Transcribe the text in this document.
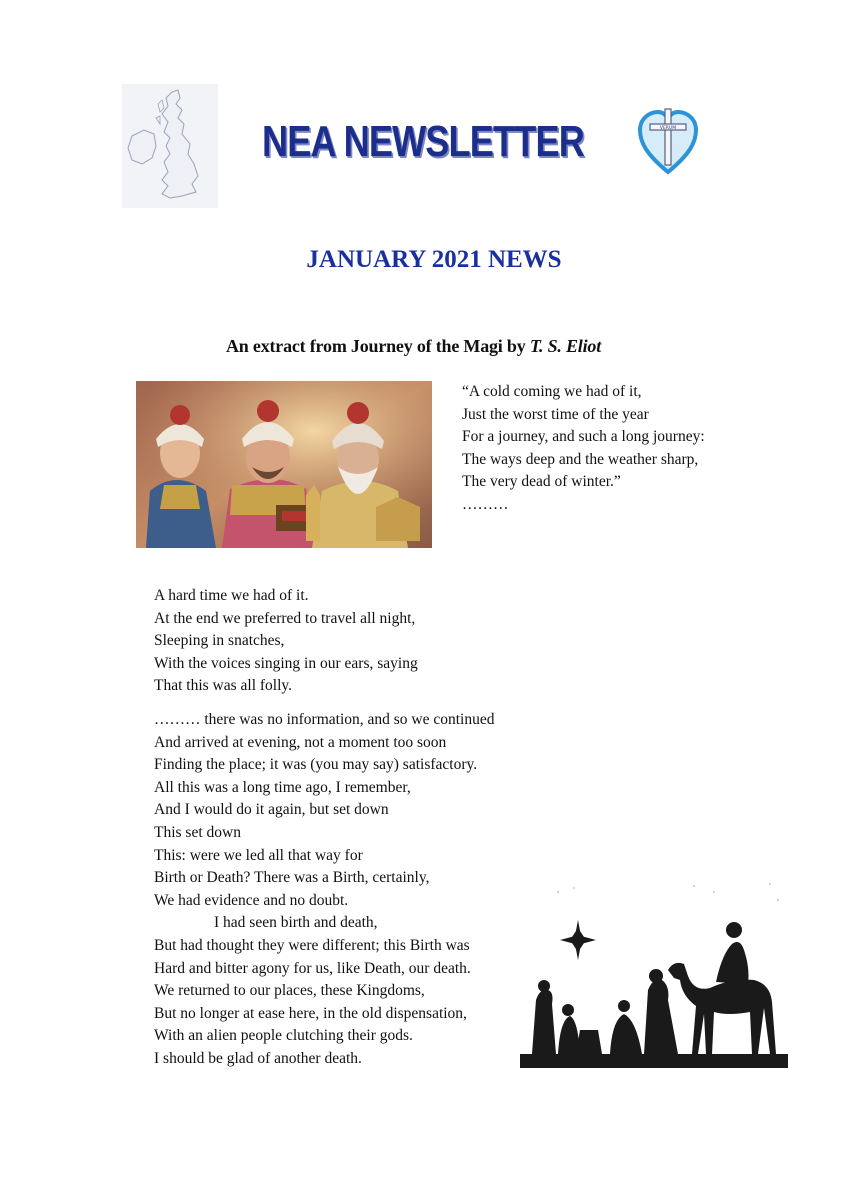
NEA NEWSLETTER	VERUM
JANUARY 2021 NEWS
An extract from Journey of the Magi by T. S. Eliot
“A cold coming we had of it,
Just the worst time of the year
For a journey, and such a long journey:
The ways deep and the weather sharp,
The very dead of winter.”
………
A hard time we had of it.
At the end we preferred to travel all night,
Sleeping in snatches,
With the voices singing in our ears, saying
That this was all folly.
……… there was no information, and so we continued
And arrived at evening, not a moment too soon
Finding the place; it was (you may say) satisfactory.
All this was a long time ago, I remember,
And I would do it again, but set down
This set down
This: were we led all that way for
Birth or Death? There was a Birth, certainly,
We had evidence and no doubt.
I had seen birth and death,
But had thought they were different; this Birth was
Hard and bitter agony for us, like Death, our death.
We returned to our places, these Kingdoms,
But no longer at ease here, in the old dispensation,
With an alien people clutching their gods.
I should be glad of another death.
